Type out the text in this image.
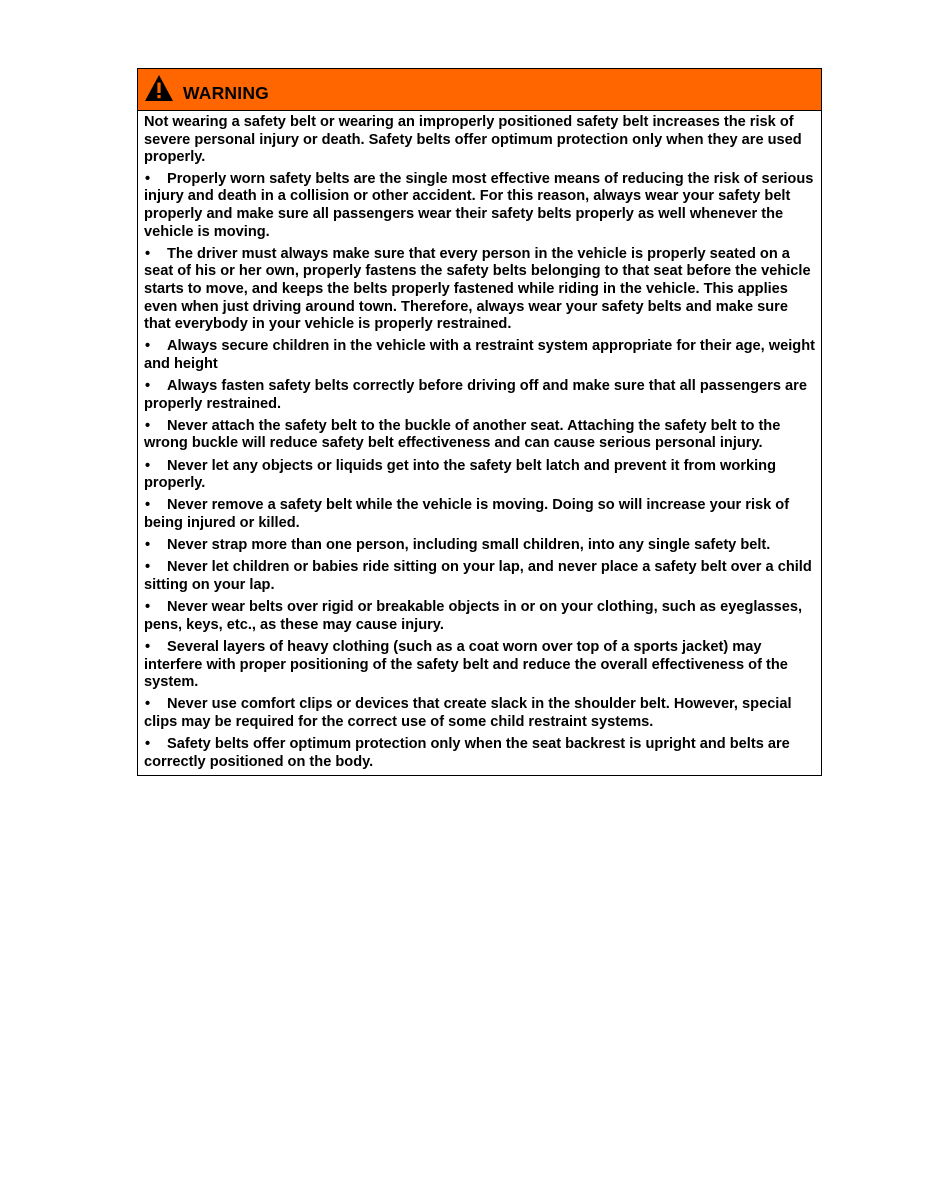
WARNING

Not wearing a safety belt or wearing an improperly positioned safety belt increases the risk of severe personal injury or death. Safety belts offer optimum protection only when they are used properly.

• Properly worn safety belts are the single most effective means of reducing the risk of serious injury and death in a collision or other accident. For this reason, always wear your safety belt properly and make sure all passengers wear their safety belts properly as well whenever the vehicle is moving.
• The driver must always make sure that every person in the vehicle is properly seated on a seat of his or her own, properly fastens the safety belts belonging to that seat before the vehicle starts to move, and keeps the belts properly fastened while riding in the vehicle. This applies even when just driving around town. Therefore, always wear your safety belts and make sure that everybody in your vehicle is properly restrained.
• Always secure children in the vehicle with a restraint system appropriate for their age, weight and height
• Always fasten safety belts correctly before driving off and make sure that all passengers are properly restrained.
• Never attach the safety belt to the buckle of another seat. Attaching the safety belt to the wrong buckle will reduce safety belt effectiveness and can cause serious personal injury.
• Never let any objects or liquids get into the safety belt latch and prevent it from working properly.
• Never remove a safety belt while the vehicle is moving. Doing so will increase your risk of being injured or killed.
• Never strap more than one person, including small children, into any single safety belt.
• Never let children or babies ride sitting on your lap, and never place a safety belt over a child sitting on your lap.
• Never wear belts over rigid or breakable objects in or on your clothing, such as eyeglasses, pens, keys, etc., as these may cause injury.
• Several layers of heavy clothing (such as a coat worn over top of a sports jacket) may interfere with proper positioning of the safety belt and reduce the overall effectiveness of the system.
• Never use comfort clips or devices that create slack in the shoulder belt. However, special clips may be required for the correct use of some child restraint systems.
• Safety belts offer optimum protection only when the seat backrest is upright and belts are correctly positioned on the body.
